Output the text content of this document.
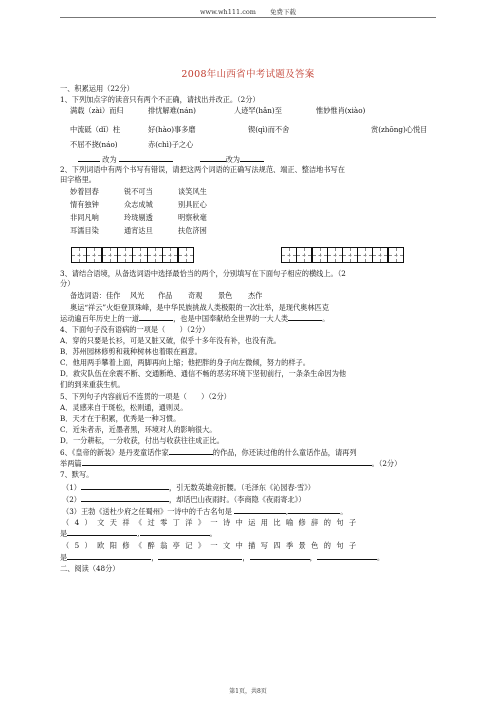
www.wh111.com 免费下载
2008年山西省中考试题及答案
一、积累运用（22分）
1、下列加点字的读音只有两个不正确，请找出并改正。（2分）
满载（zài）而归	排忧解难(nán)	人迹罕(hǎn)至	惟妙惟肖(xiào)
中流砥（dǐ）柱	好(hào)事多磨	锲(qì)而不舍	赏(zhōng)心悦目
不屈不挠(náo)	赤(chì)子之心
改为	改为
2、下列词语中有两个书写有错误，请把这两个词语的正确写法规范、端正、整洁地书写在
田字格里。
妙着回春	锐不可当	谈笑风生
情有独钟	众志成城	别具匠心
非同凡响	玲珑剔透	明察秋毫
耳濡目染	通宵达旦	扶危济困
3、请结合语境，从备选词语中选择最恰当的两个，分别填写在下面句子相应的横线上。（2
分）
备选词语：佳作 风光 作品 奇观 景色 杰作
奥运“祥云”火炬登顶珠峰，是中华民族挑战人类极限的一次壮举，是现代奥林匹克
运动遍百年历史上的一道	，也是中国奉献给全世界的一大人类	。
4、下面句子没有语病的一项是（　　）（2分）
A．穿的只要是长衫，可是又脏又破，似乎十多年没有补，也没有洗。
B．苏州园林修剪和栽种树林也着眼在画意。
C．他用两手攀着上面，两脚再向上缩；他把胖的身子向左微倾，努力的样子。
D．救灾队伍在余震不断、交通断绝、通信不畅的恶劣环境下坚韧前行，一条条生命因为他
们的到来重获生机。
5、下列句子内容前后不连贯的一项是（　　）（2分）
A．灵感来自于斑松，松则通，通则灵。
B．天才在于积累，优秀是一种习惯。
C．近朱者赤，近墨者黑，环境对人的影响很大。
D．一分耕耘，一分收获，付出与收获往往成正比。
6、《皇帝的新装》是丹麦童话作家	的作品，你还读过他的什么童话作品，请再列
举两篇	。（2分）
7、默写。
（1）	，引无数英雄竞折腰。（毛泽东《沁园春·雪》）
（2）	，却话巴山夜雨时。（李商隐《夜雨寄北》）
（3）王勃《送杜少府之任蜀州》一诗中的千古名句是	,	。
（4）文天祥《过零丁洋》一诗中运用比喻修辞的句子
是	,	。
（5）欧阳修《醉翁亭记》一文中描写四季景色的句子
是	，	，	，	。
二、阅读（48分）
第1页，共8页
